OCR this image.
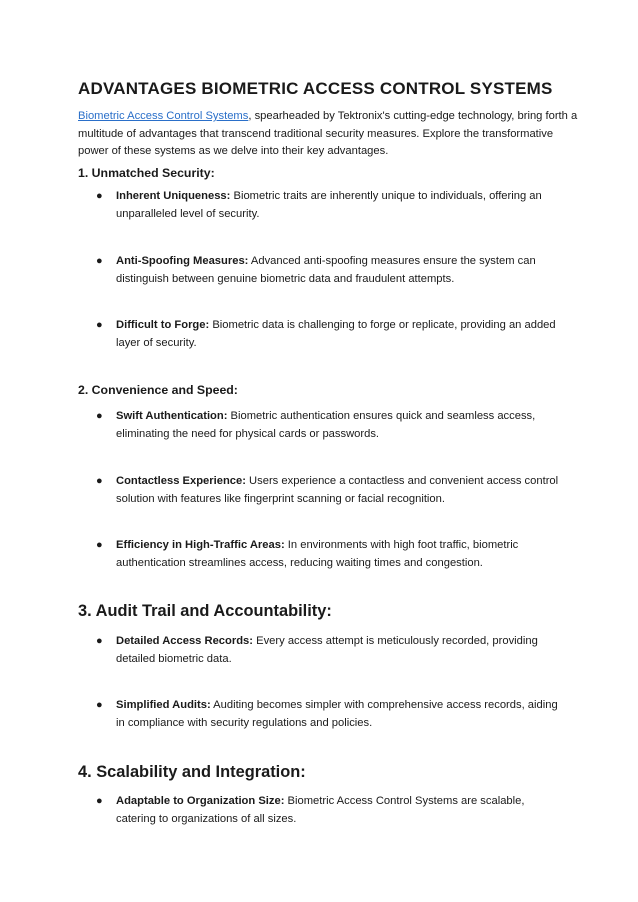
ADVANTAGES BIOMETRIC ACCESS CONTROL SYSTEMS

Biometric Access Control Systems, spearheaded by Tektronix's cutting-edge technology, bring forth a multitude of advantages that transcend traditional security measures. Explore the transformative power of these systems as we delve into their key advantages.

1. Unmatched Security:

● Inherent Uniqueness: Biometric traits are inherently unique to individuals, offering an unparalleled level of security.

● Anti-Spoofing Measures: Advanced anti-spoofing measures ensure the system can distinguish between genuine biometric data and fraudulent attempts.

● Difficult to Forge: Biometric data is challenging to forge or replicate, providing an added layer of security.

2. Convenience and Speed:

● Swift Authentication: Biometric authentication ensures quick and seamless access, eliminating the need for physical cards or passwords.

● Contactless Experience: Users experience a contactless and convenient access control solution with features like fingerprint scanning or facial recognition.

● Efficiency in High-Traffic Areas: In environments with high foot traffic, biometric authentication streamlines access, reducing waiting times and congestion.

3. Audit Trail and Accountability:

● Detailed Access Records: Every access attempt is meticulously recorded, providing detailed biometric data.

● Simplified Audits: Auditing becomes simpler with comprehensive access records, aiding in compliance with security regulations and policies.

4. Scalability and Integration:

● Adaptable to Organization Size: Biometric Access Control Systems are scalable, catering to organizations of all sizes.
